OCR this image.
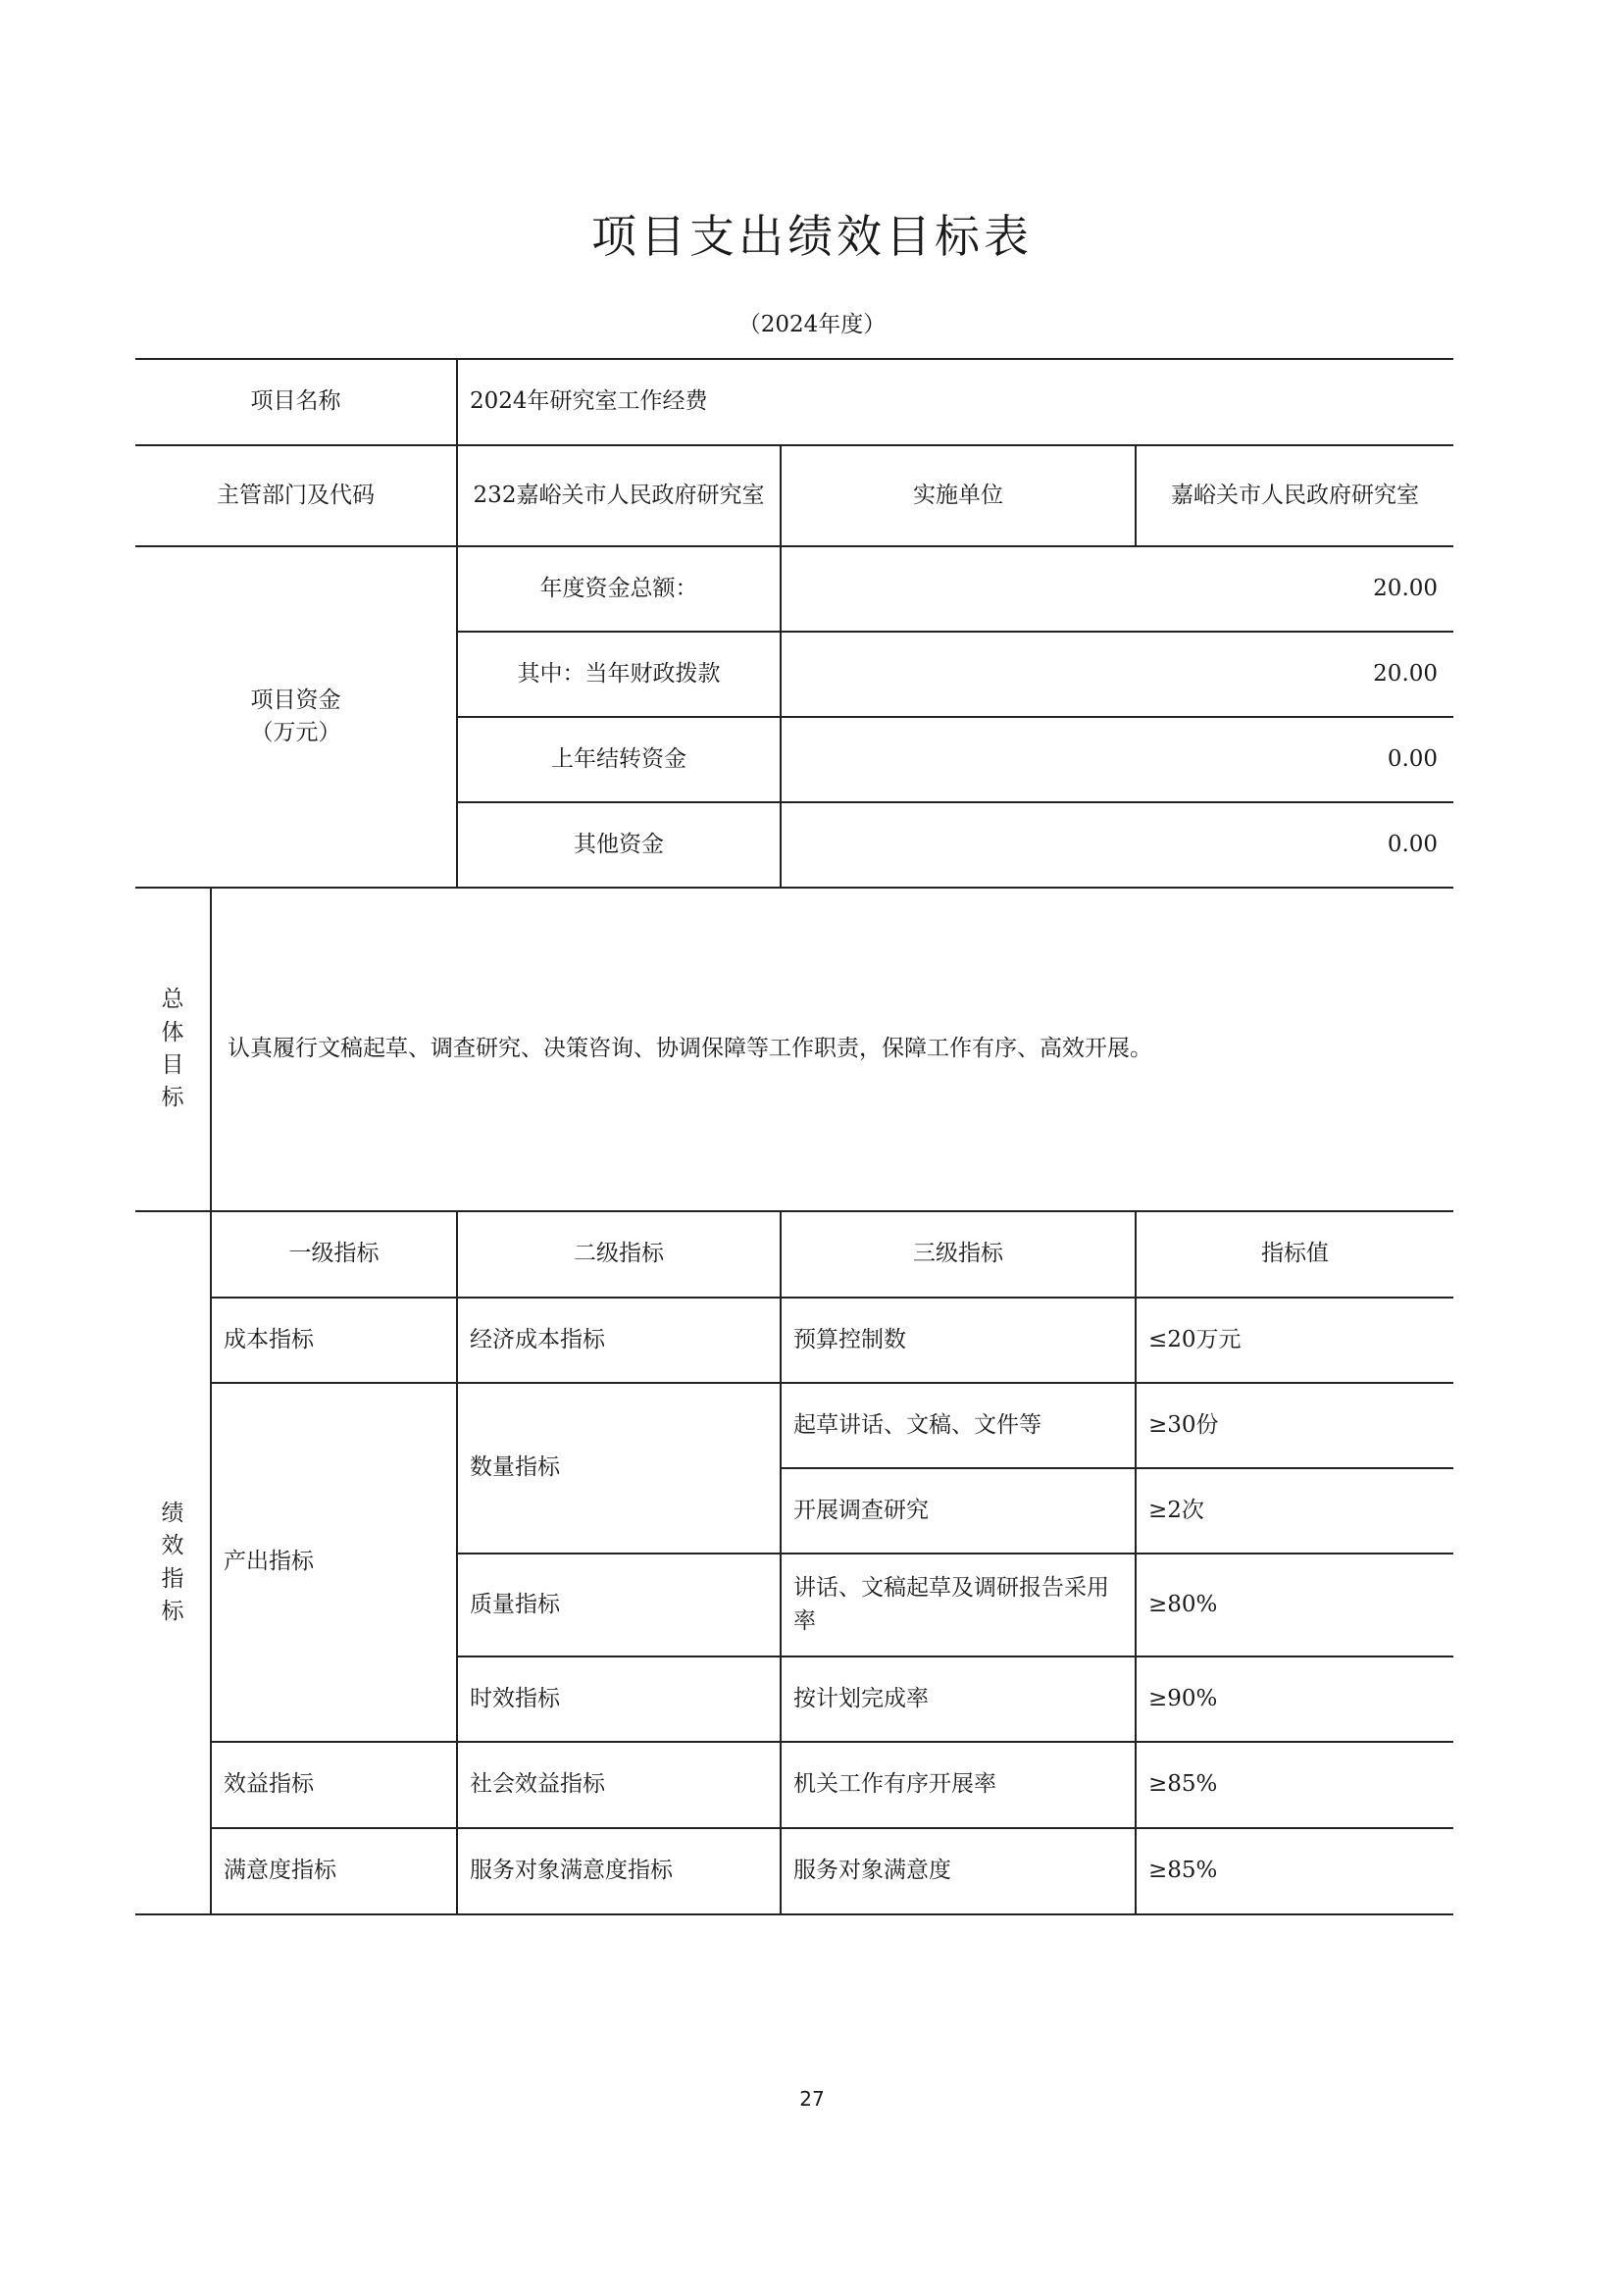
项目支出绩效目标表
（2024年度）
项目名称		2024年研究室工作经费		
主管部门及代码		232嘉峪关市人民政府研究室	实施单位	嘉峪关市人民政府研究室

项目资金
（万元）		年度资金总额：	20.00	
		其中：当年财政拨款	20.00	
		上年结转资金	0.00	
		其他资金	0.00	
总体目标	认真履行文稿起草、调查研究、决策咨询、协调保障等工作职责，保障工作有序、高效开展。			
绩效指标	一级指标	二级指标	三级指标	指标值
	成本指标	经济成本指标	预算控制数	≤20万元
	产出指标	数量指标	起草讲话、文稿、文件等	≥30份
			开展调查研究	≥2次
		质量指标	讲话、文稿起草及调研报告采用率	≥80%
		时效指标	按计划完成率	≥90%
	效益指标	社会效益指标	机关工作有序开展率	≥85%
	满意度指标	服务对象满意度指标	服务对象满意度	≥85%
27
